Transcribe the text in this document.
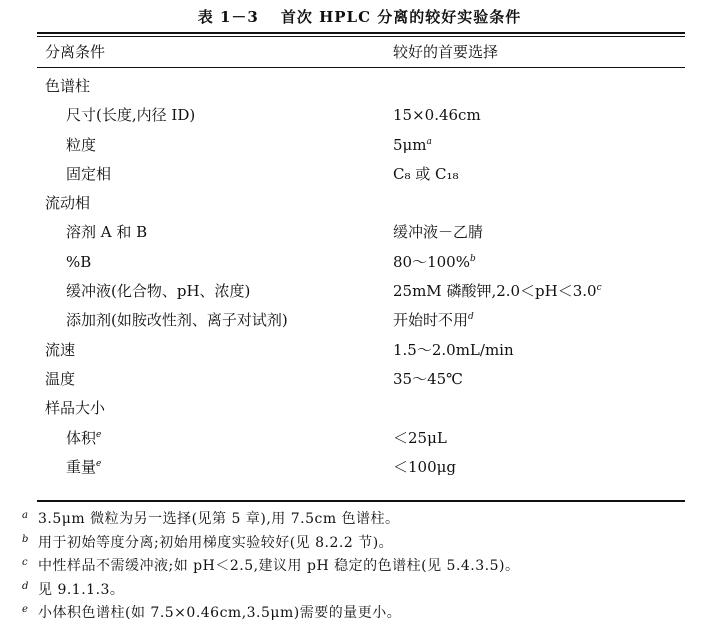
表 1－3 首次 HPLC 分离的较好实验条件
分离条件	较好的首要选择
色谱柱
尺寸(长度,内径 ID)	15×0.46cm
粒度	$5\mu m^a$
固定相	C₈ 或 C₁₈
流动相
溶剂 A 和 B	缓冲液－乙腈
%B	80～100%$^b$
缓冲液(化合物、pH、浓度)	25mM 磷酸钾,2.0＜pH＜3.0$^c$
添加剂(如胺改性剂、离子对试剂)	开始时不用$^d$
流速	1.5～2.0mL/min
温度	35～45℃
样品大小
体积$^e$	＜25μL
重量$^e$	＜100μg
a 3.5μm 微粒为另一选择(见第 5 章),用 7.5cm 色谱柱。
b 用于初始等度分离;初始用梯度实验较好(见 8.2.2 节)。
c 中性样品不需缓冲液;如 pH＜2.5,建议用 pH 稳定的色谱柱(见 5.4.3.5)。
d 见 9.1.1.3。
e 小体积色谱柱(如 7.5×0.46cm,3.5μm)需要的量更小。
